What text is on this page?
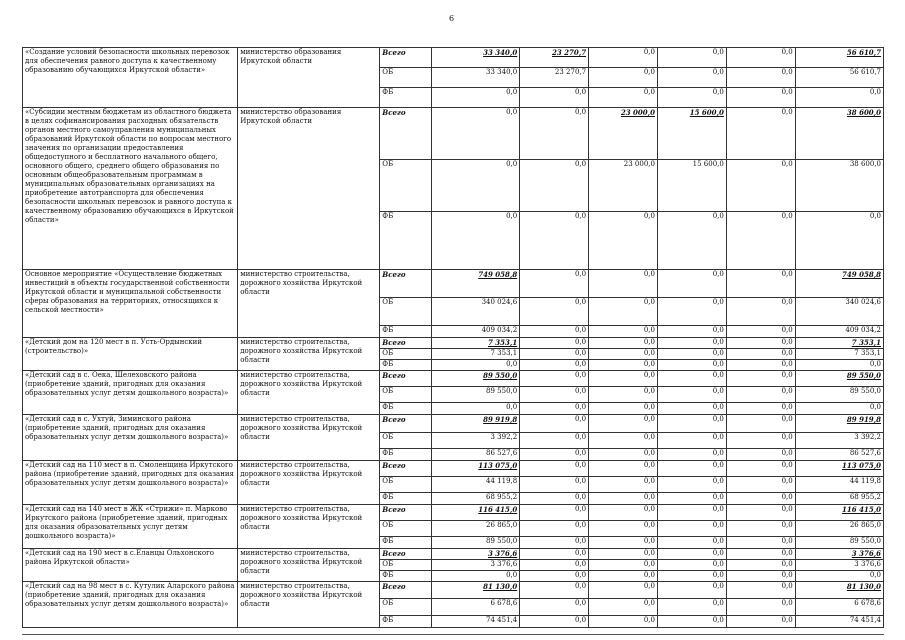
6
«Создание условий безопасности школьных перевозок для обеспечения равного доступа к качественному образованию обучающихся Иркутской области»	министерство образования Иркутской области	Всего	33 340,0	23 270,7	0,0	0,0	0,0	56 610,7
		ОБ	33 340,0	23 270,7	0,0	0,0	0,0	56 610,7
		ФБ	0,0	0,0	0,0	0,0	0,0	0,0
«Субсидии местным бюджетам из областного бюджета в целях софинансирования расходных обязательств органов местного самоуправления муниципальных образований Иркутской области по вопросам местного значения по организации предоставления общедоступного и бесплатного начального общего, основного общего, среднего общего образования по основным общеобразовательным программам в муниципальных образовательных организациях на приобретение автотранспорта для обеспечения безопасности школьных перевозок и равного доступа к качественному образованию обучающихся в Иркутской области»	министерство образования Иркутской области	Всего	0,0	0,0	23 000,0	15 600,0	0,0	38 600,0
		ОБ	0,0	0,0	23 000,0	15 600,0	0,0	38 600,0
		ФБ	0,0	0,0	0,0	0,0	0,0	0,0
Основное мероприятие «Осуществление бюджетных инвестиций в объекты государственной собственности Иркутской области и муниципальной собственности сферы образования на территориях, относящихся к сельской местности»	министерство строительства, дорожного хозяйства Иркутской области	Всего	749 058,8	0,0	0,0	0,0	0,0	749 058,8
		ОБ	340 024,6	0,0	0,0	0,0	0,0	340 024,6
		ФБ	409 034,2	0,0	0,0	0,0	0,0	409 034,2
«Детский дом на 120 мест в п. Усть-Ордынский (строительство)»	министерство строительства, дорожного хозяйства Иркутской области	Всего	7 353,1	0,0	0,0	0,0	0,0	7 353,1
		ОБ	7 353,1	0,0	0,0	0,0	0,0	7 353,1
		ФБ	0,0	0,0	0,0	0,0	0,0	0,0
«Детский сад в с. Оека, Шелеховского района (приобретение зданий, пригодных для оказания образовательных услуг детям дошкольного возраста)»	министерство строительства, дорожного хозяйства Иркутской области	Всего	89 550,0	0,0	0,0	0,0	0,0	89 550,0
		ОБ	89 550,0	0,0	0,0	0,0	0,0	89 550,0
		ФБ	0,0	0,0	0,0	0,0	0,0	0,0
«Детский сад в с. Ухтуй, Зиминского района (приобретение зданий, пригодных для оказания образовательных услуг детям дошкольного возраста)»	министерство строительства, дорожного хозяйства Иркутской области	Всего	89 919,8	0,0	0,0	0,0	0,0	89 919,8
		ОБ	3 392,2	0,0	0,0	0,0	0,0	3 392,2
		ФБ	86 527,6	0,0	0,0	0,0	0,0	86 527,6
«Детский сад на 110 мест в п. Смоленщина Иркутского района (приобретение зданий, пригодных для оказания образовательных услуг детям дошкольного возраста)»	министерство строительства, дорожного хозяйства Иркутской области	Всего	113 075,0	0,0	0,0	0,0	0,0	113 075,0
		ОБ	44 119,8	0,0	0,0	0,0	0,0	44 119,8
		ФБ	68 955,2	0,0	0,0	0,0	0,0	68 955,2
«Детский сад на 140 мест в ЖК «Стрижи» п. Марково Иркутского района (приобретение зданий, пригодных для оказания образовательных услуг детям дошкольного возраста)»	министерство строительства, дорожного хозяйства Иркутской области	Всего	116 415,0	0,0	0,0	0,0	0,0	116 415,0
		ОБ	26 865,0	0,0	0,0	0,0	0,0	26 865,0
		ФБ	89 550,0	0,0	0,0	0,0	0,0	89 550,0
«Детский сад на 190 мест в с.Еланцы Ольхонского района Иркутской области»	министерство строительства, дорожного хозяйства Иркутской области	Всего	3 376,6	0,0	0,0	0,0	0,0	3 376,6
		ОБ	3 376,6	0,0	0,0	0,0	0,0	3 376,6
		ФБ	0,0	0,0	0,0	0,0	0,0	0,0
«Детский сад на 98 мест в с. Кутулик Аларского района (приобретение зданий, пригодных для оказания образовательных услуг детям дошкольного возраста)»	министерство строительства, дорожного хозяйства Иркутской области	Всего	81 130,0	0,0	0,0	0,0	0,0	81 130,0
		ОБ	6 678,6	0,0	0,0	0,0	0,0	6 678,6
		ФБ	74 451,4	0,0	0,0	0,0	0,0	74 451,4
